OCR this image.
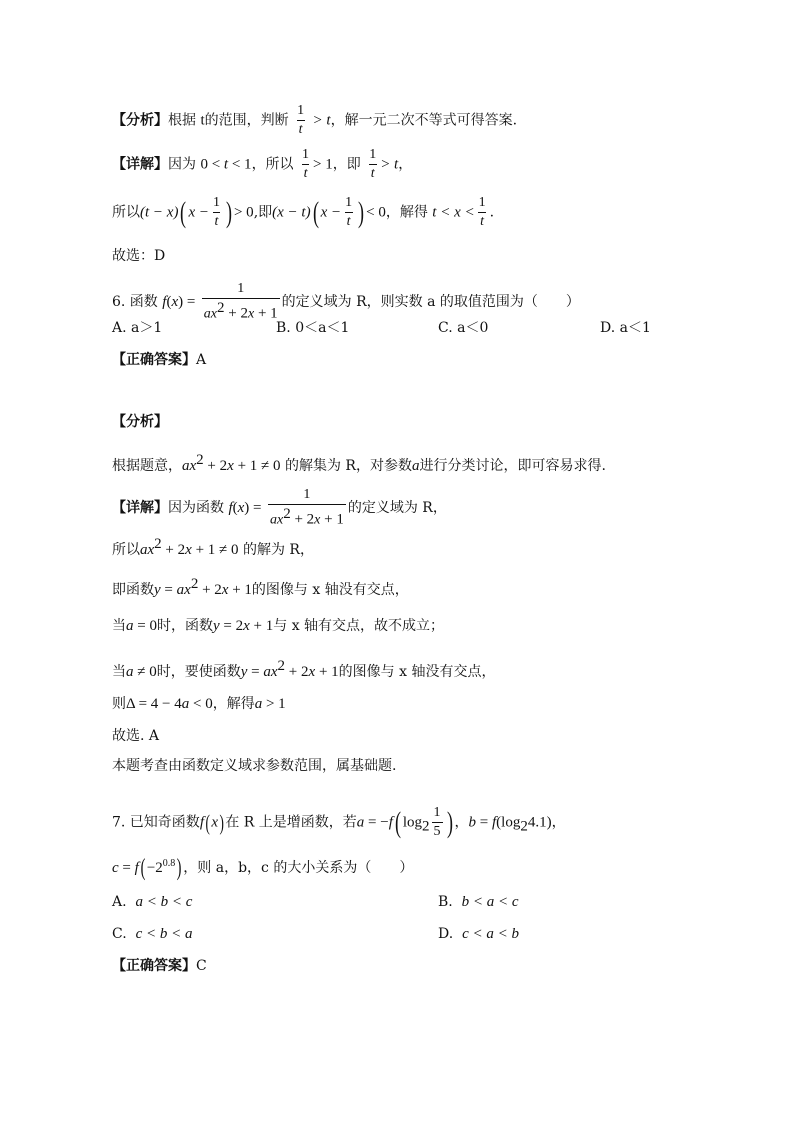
【分析】根据 t的范围，判断 $\frac{1}{t} > t$，解一元二次不等式可得答案.
【详解】因为 0 < t < 1，所以 $\frac{1}{t} > 1$，即 $\frac{1}{t} > t$，
所以(t − x)( $x - \frac{1}{t}$ ) > 0,即(x − t)( $x - \frac{1}{t}$ ) < 0，解得 $t < x < \frac{1}{t}$ .
故选：D
6. 函数 $f(x) = \frac{1}{ax^2 + 2x + 1}$ 的定义域为 R，则实数 a 的取值范围为（　　）
A. a＞1	B. 0＜a＜1	C. a＜0	D. a＜1
【正确答案】A
【分析】
根据题意，$ax^2 + 2x + 1 \ne 0$ 的解集为 R，对参数a进行分类讨论，即可容易求得.
【详解】因为函数 $f(x) = \frac{1}{ax^2 + 2x + 1}$ 的定义域为 R，
所以$ax^2 + 2x + 1 \ne 0$ 的解为 R，
即函数$y = ax^2 + 2x + 1$的图像与 x 轴没有交点，
当a = 0时，函数y = 2x + 1与 x 轴有交点，故不成立；
当a ≠ 0时，要使函数$y = ax^2 + 2x + 1$的图像与 x 轴没有交点，
则Δ = 4 − 4a < 0，解得a > 1
故选. A
本题考查由函数定义域求参数范围，属基础题.
7. 已知奇函数f(x)在 R 上是增函数，若a = −f( $\log_2 \frac{1}{5}$ ) ，$b = f(\log_24.1)$，
$c = f( -2^{0.8})$ ，则 a，b，c 的大小关系为（　　）
A. a < b < c	B. b < a < c
C. c < b < a	D. c < a < b
【正确答案】C
